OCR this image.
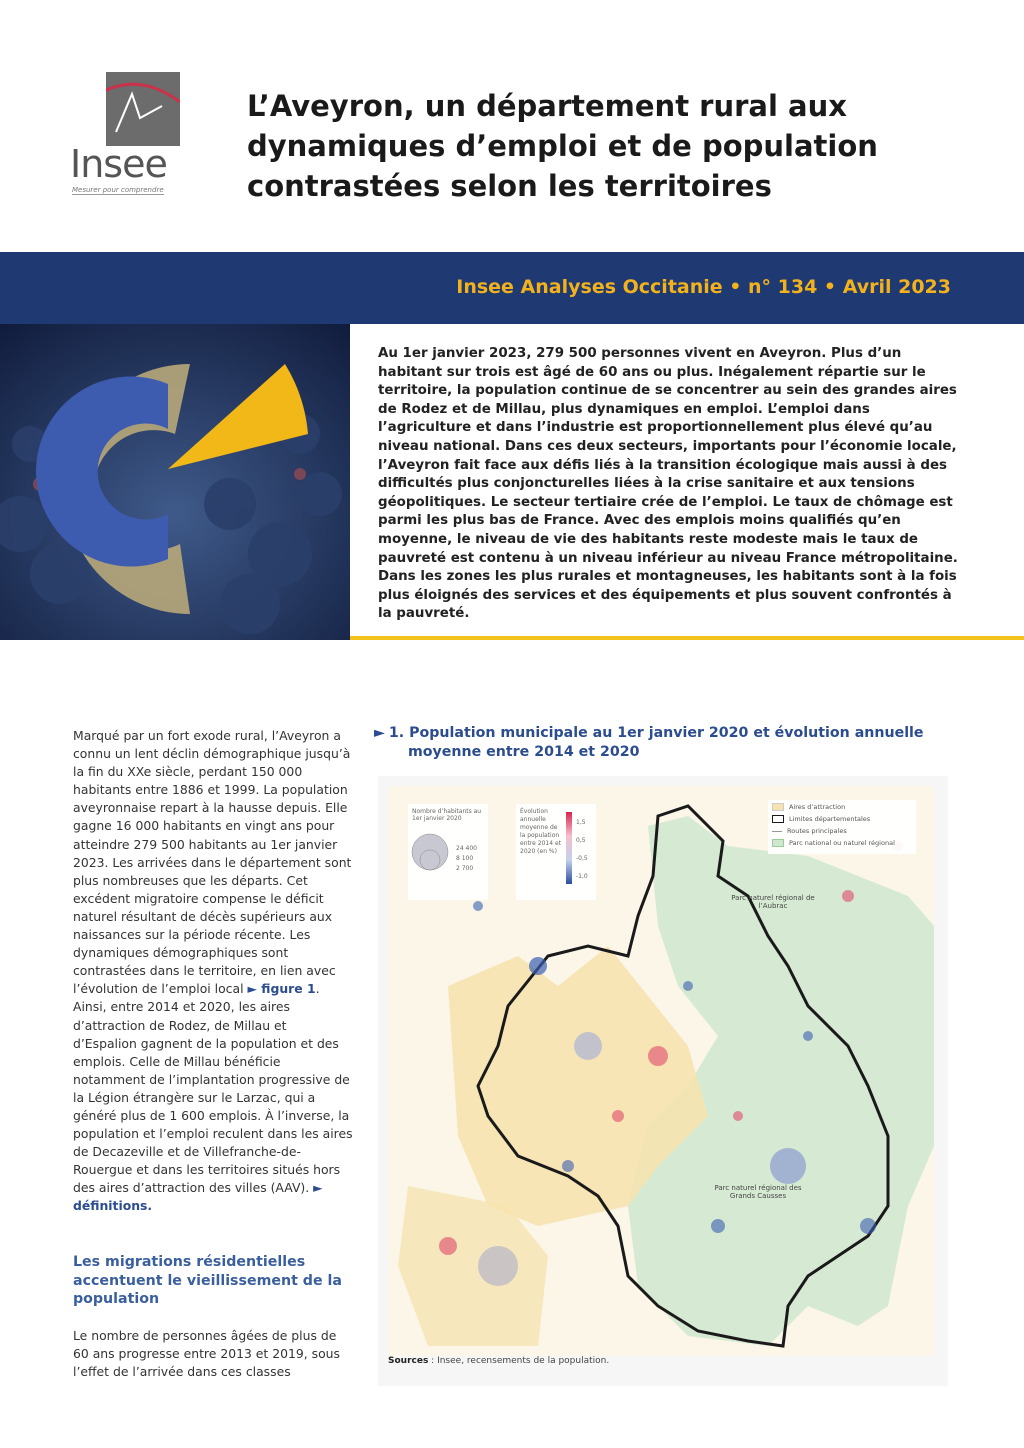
Insee
Mesurer pour comprendre
L’Aveyron, un département rural aux dynamiques d’emploi et de population contrastées selon les territoires
Insee Analyses Occitanie • n° 134 • Avril 2023

Au 1er janvier 2023, 279 500 personnes vivent en Aveyron. Plus d’un habitant sur trois est âgé de 60 ans ou plus. Inégalement répartie sur le territoire, la population continue de se concentrer au sein des grandes aires de Rodez et de Millau, plus dynamiques en emploi. L’emploi dans l’agriculture et dans l’industrie est proportionnellement plus élevé qu’au niveau national. Dans ces deux secteurs, importants pour l’économie locale, l’Aveyron fait face aux défis liés à la transition écologique mais aussi à des difficultés plus conjoncturelles liées à la crise sanitaire et aux tensions géopolitiques. Le secteur tertiaire crée de l’emploi. Le taux de chômage est parmi les plus bas de France. Avec des emplois moins qualifiés qu’en moyenne, le niveau de vie des habitants reste modeste mais le taux de pauvreté est contenu à un niveau inférieur au niveau France métropolitaine. Dans les zones les plus rurales et montagneuses, les habitants sont à la fois plus éloignés des services et des équipements et plus souvent confrontés à la pauvreté.

Marqué par un fort exode rural, l’Aveyron a connu un lent déclin démographique jusqu’à la fin du XXe siècle, perdant 150 000 habitants entre 1886 et 1999. La population aveyronnaise repart à la hausse depuis. Elle gagne 16 000 habitants en vingt ans pour atteindre 279 500 habitants au 1er janvier 2023. Les arrivées dans le département sont plus nombreuses que les départs. Cet excédent migratoire compense le déficit naturel résultant de décès supérieurs aux naissances sur la période récente. Les dynamiques démographiques sont contrastées dans le territoire, en lien avec l’évolution de l’emploi local ► figure 1. Ainsi, entre 2014 et 2020, les aires d’attraction de Rodez, de Millau et d’Espalion gagnent de la population et des emplois. Celle de Millau bénéficie notamment de l’implantation progressive de la Légion étrangère sur le Larzac, qui a généré plus de 1 600 emplois. À l’inverse, la population et l’emploi reculent dans les aires de Decazeville et de Villefranche-de-Rouergue et dans les territoires situés hors des aires d’attraction des villes (AAV). ► définitions.

Les migrations résidentielles accentuent le vieillissement de la population

Le nombre de personnes âgées de plus de 60 ans progresse entre 2013 et 2019, sous l’effet de l’arrivée dans ces classes

► 1. Population municipale au 1er janvier 2020 et évolution annuelle
moyenne entre 2014 et 2020
Nombre d’habitants au 1er janvier 2020
24 400
8 100
2 700
Évolution annuelle moyenne de la population entre 2014 et 2020 (en %)
1,5
0,5
-0,5
-1,0
Aires d’attraction
Limites départementales
Routes principales
Parc national ou naturel régional
Parc naturel régional de l’Aubrac
Parc naturel régional des Grands Causses
Sources : Insee, recensements de la population.
